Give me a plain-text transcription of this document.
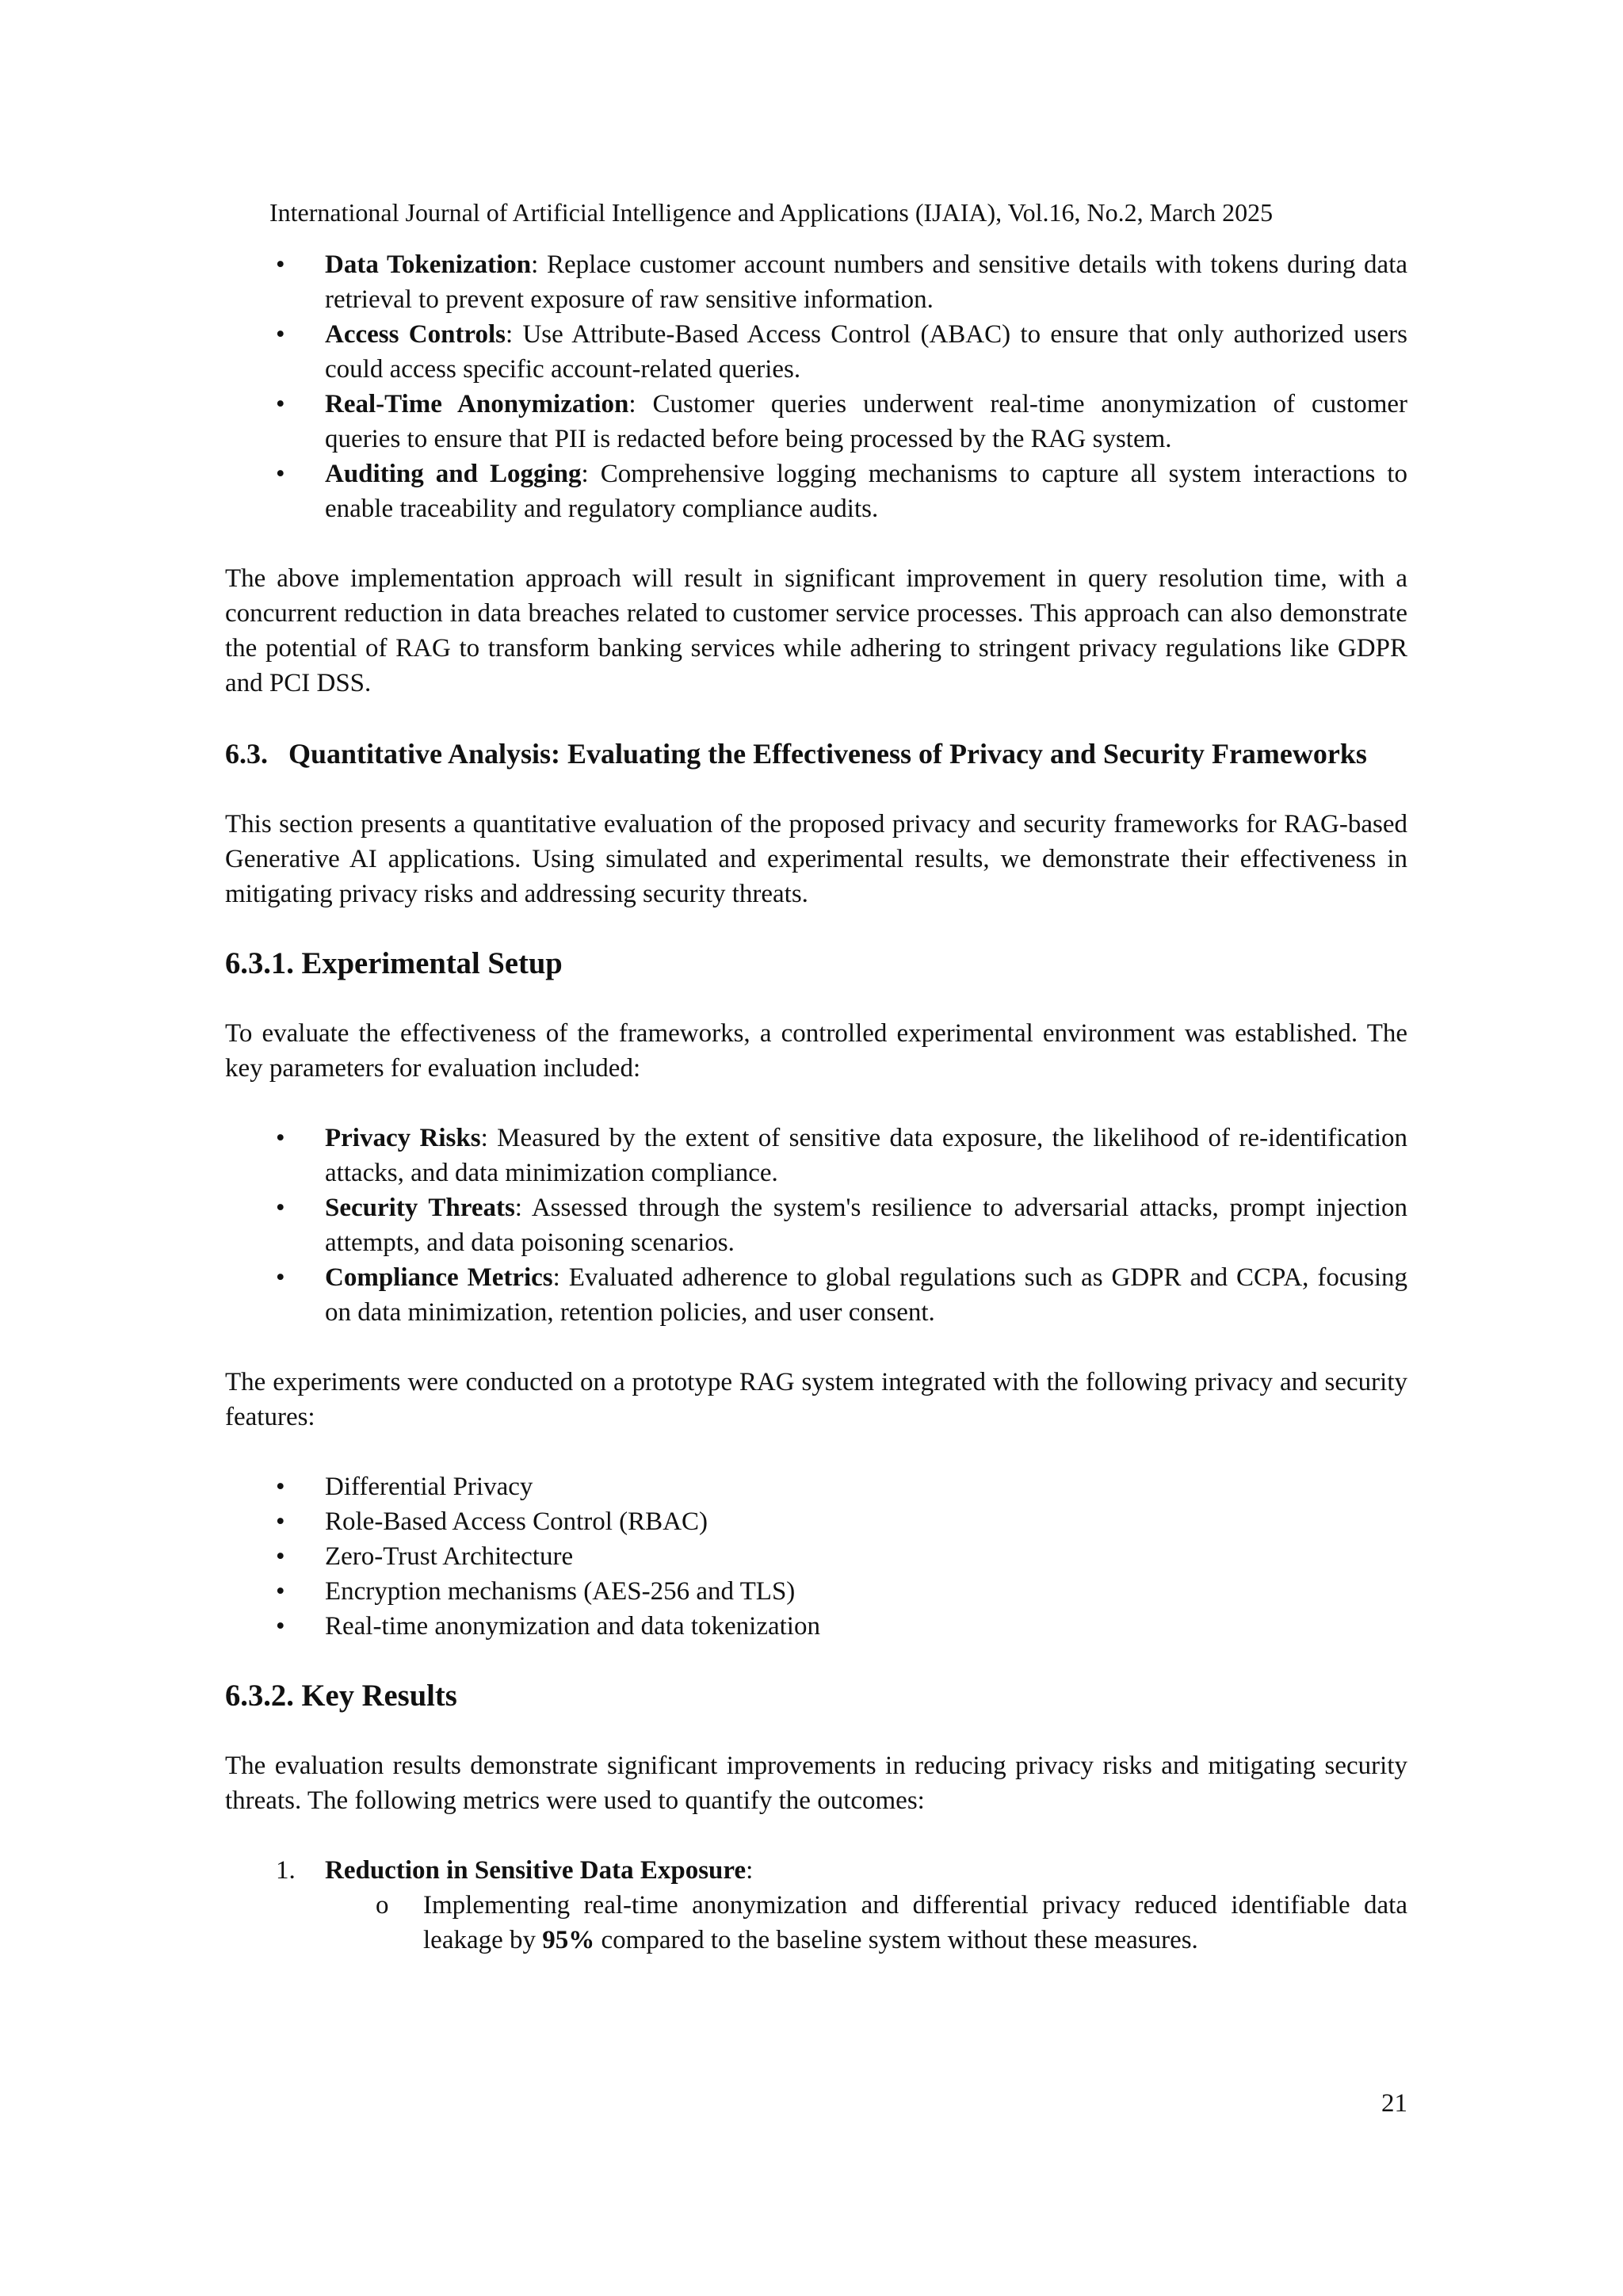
International Journal of Artificial Intelligence and Applications (IJAIA), Vol.16, No.2, March 2025
• Data Tokenization: Replace customer account numbers and sensitive details with tokens during data retrieval to prevent exposure of raw sensitive information.
• Access Controls: Use Attribute-Based Access Control (ABAC) to ensure that only authorized users could access specific account-related queries.
• Real-Time Anonymization: Customer queries underwent real-time anonymization of customer queries to ensure that PII is redacted before being processed by the RAG system.
• Auditing and Logging: Comprehensive logging mechanisms to capture all system interactions to enable traceability and regulatory compliance audits.

The above implementation approach will result in significant improvement in query resolution time, with a concurrent reduction in data breaches related to customer service processes. This approach can also demonstrate the potential of RAG to transform banking services while adhering to stringent privacy regulations like GDPR and PCI DSS.

6.3. Quantitative Analysis: Evaluating the Effectiveness of Privacy and Security Frameworks

This section presents a quantitative evaluation of the proposed privacy and security frameworks for RAG-based Generative AI applications. Using simulated and experimental results, we demonstrate their effectiveness in mitigating privacy risks and addressing security threats.

6.3.1. Experimental Setup

To evaluate the effectiveness of the frameworks, a controlled experimental environment was established. The key parameters for evaluation included:

• Privacy Risks: Measured by the extent of sensitive data exposure, the likelihood of re-identification attacks, and data minimization compliance.
• Security Threats: Assessed through the system's resilience to adversarial attacks, prompt injection attempts, and data poisoning scenarios.
• Compliance Metrics: Evaluated adherence to global regulations such as GDPR and CCPA, focusing on data minimization, retention policies, and user consent.

The experiments were conducted on a prototype RAG system integrated with the following privacy and security features:

• Differential Privacy
• Role-Based Access Control (RBAC)
• Zero-Trust Architecture
• Encryption mechanisms (AES-256 and TLS)
• Real-time anonymization and data tokenization
6.3.2. Key Results

The evaluation results demonstrate significant improvements in reducing privacy risks and mitigating security threats. The following metrics were used to quantify the outcomes:

1. Reduction in Sensitive Data Exposure:
o Implementing real-time anonymization and differential privacy reduced identifiable data leakage by 95% compared to the baseline system without these measures.
21
